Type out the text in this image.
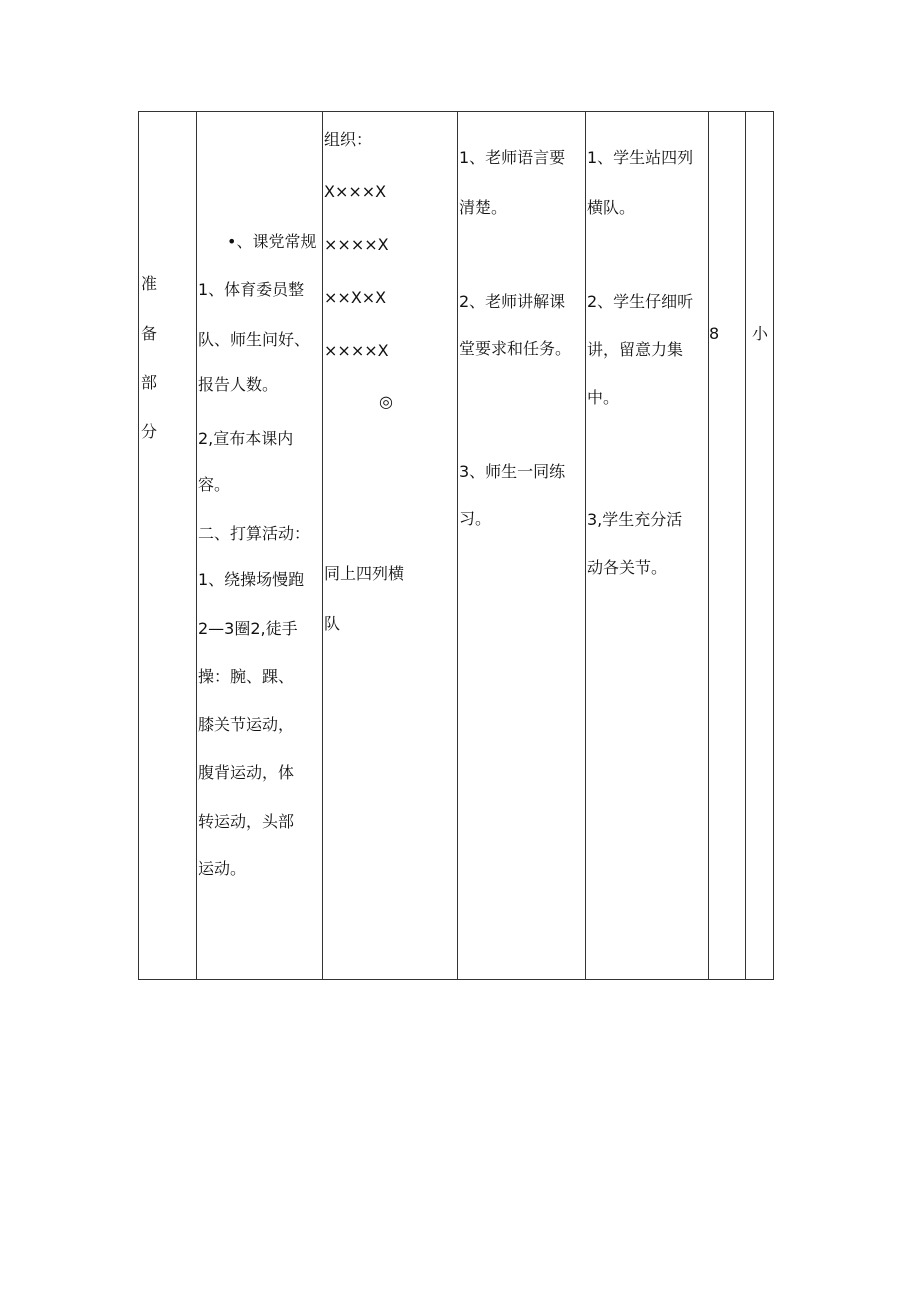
准
备
部
分
•、课党常规
1、体育委员整
队、师生问好、
报告人数。
2,宣布本课内
容。
二、打算活动：
1、绕操场慢跑
2—3圈2,徒手
操：腕、踝、
膝关节运动，
腹背运动，体
转运动，头部
运动。
组织：
X×××X
××××X
××X×X
××××X
◎
同上四列横
队
1、老师语言要
清楚。
2、老师讲解课
堂要求和任务。
3、师生一同练
习。
1、学生站四列
横队。
2、学生仔细听
讲，留意力集
中。
3,学生充分活
动各关节。
8 小
